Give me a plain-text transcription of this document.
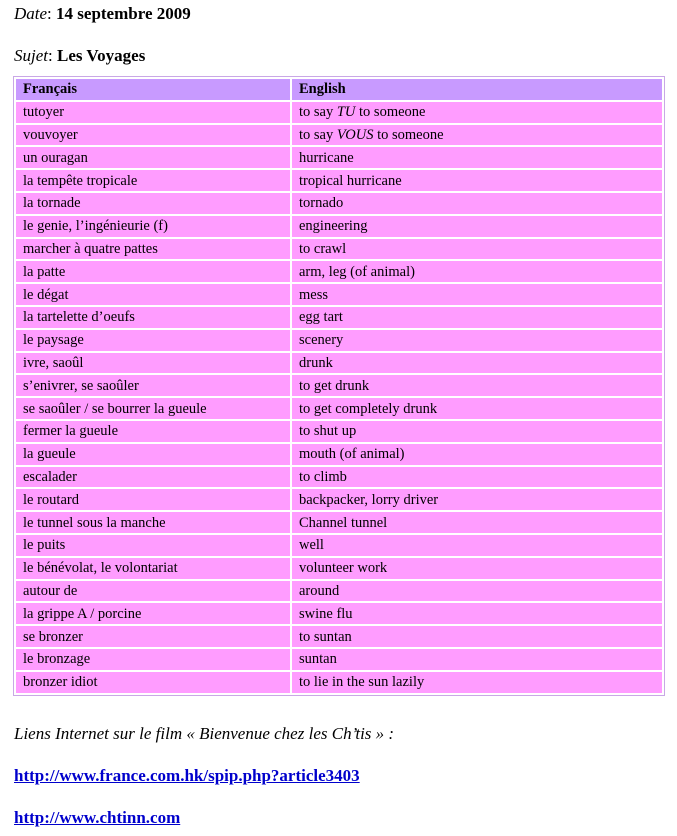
Date: 14 septembre 2009

Sujet: Les Voyages

Français	English
tutoyer	to say TU to someone
vouvoyer	to say VOUS to someone
un ouragan	hurricane
la tempête tropicale	tropical hurricane
la tornade	tornado
le genie, l’ingénieurie (f)	engineering
marcher à quatre pattes	to crawl
la patte	arm, leg (of animal)
le dégat	mess
la tartelette d’oeufs	egg tart
le paysage	scenery
ivre, saoûl	drunk
s’enivrer, se saoûler	to get drunk
se saoûler / se bourrer la gueule	to get completely drunk
fermer la gueule	to shut up
la gueule	mouth (of animal)
escalader	to climb
le routard	backpacker, lorry driver
le tunnel sous la manche	Channel tunnel
le puits	well
le bénévolat, le volontariat	volunteer work
autour de	around
la grippe A / porcine	swine flu
se bronzer	to suntan
le bronzage	suntan
bronzer idiot	to lie in the sun lazily

Liens Internet sur le film « Bienvenue chez les Ch’tis » :

http://www.france.com.hk/spip.php?article3403
http://www.chtinn.com
